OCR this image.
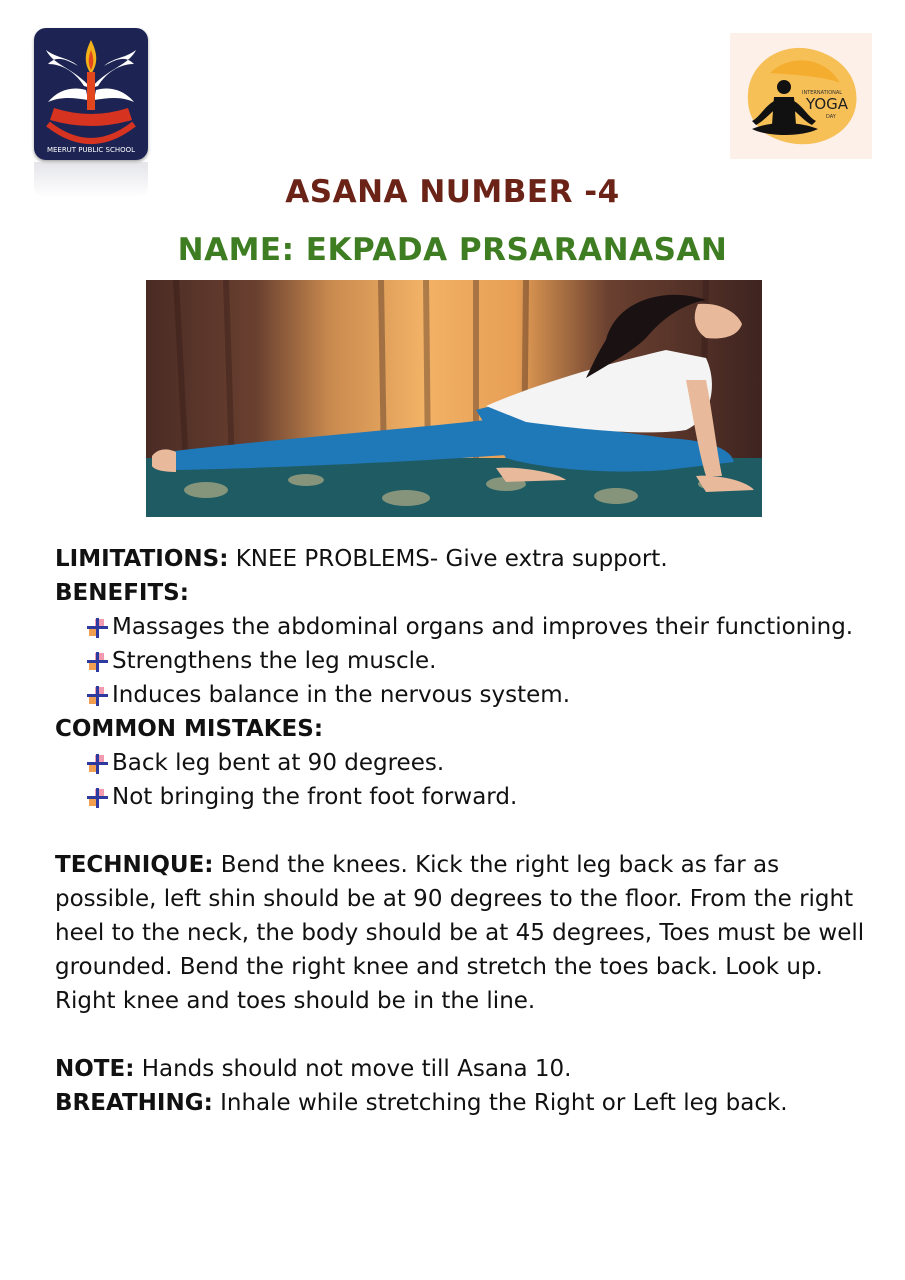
MEERUT PUBLIC SCHOOL
INTERNATIONAL
YOGA
DAY
ASANA NUMBER -4
NAME: EKPADA PRSARANASAN

LIMITATIONS: KNEE PROBLEMS- Give extra support.

BENEFITS:

Massages the abdominal organs and improves their functioning.
Strengthens the leg muscle.
Induces balance in the nervous system.

COMMON MISTAKES:

Back leg bent at 90 degrees.
Not bringing the front foot forward.

TECHNIQUE: Bend the knees. Kick the right leg back as far as possible, left shin should be at 90 degrees to the floor. From the right heel to the neck, the body should be at 45 degrees, Toes must be well grounded. Bend the right knee and stretch the toes back. Look up. Right knee and toes should be in the line.

NOTE: Hands should not move till Asana 10.

BREATHING: Inhale while stretching the Right or Left leg back.
